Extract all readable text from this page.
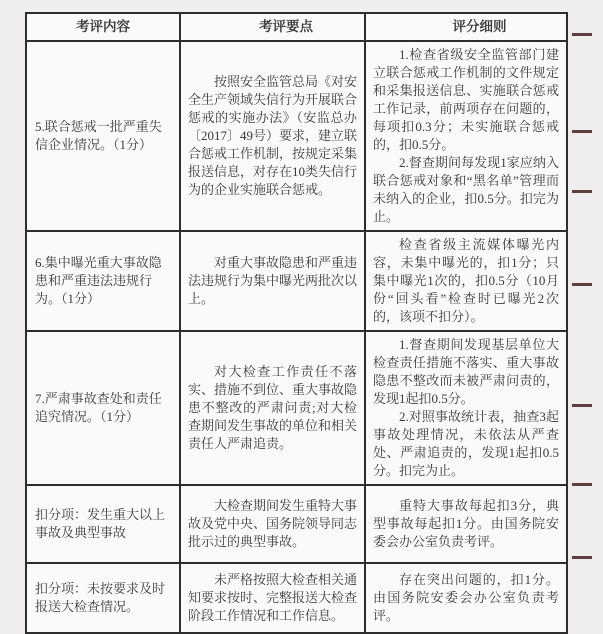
考评内容	考评要点	评分细则

5.联合惩戒一批严重失信企业情况。（1分）

按照安全监管总局《对安全生产领域失信行为开展联合惩戒的实施办法》（安监总办〔2017〕49号）要求，建立联合惩戒工作机制，按规定采集报送信息，对存在10类失信行为的企业实施联合惩戒。

1.检查省级安全监管部门建立联合惩戒工作机制的文件规定和采集报送信息、实施联合惩戒工作记录，前两项存在问题的，每项扣0.3分；未实施联合惩戒的，扣0.5分。

2.督查期间每发现1家应纳入联合惩戒对象和“黑名单”管理而未纳入的企业，扣0.5分。扣完为止。

6.集中曝光重大事故隐患和严重违法违规行为。（1分）

对重大事故隐患和严重违法违规行为集中曝光两批次以上。

检查省级主流媒体曝光内容，未集中曝光的，扣1分；只集中曝光1次的，扣0.5分（10月份“回头看”检查时已曝光2次的，该项不扣分）。

7.严肃事故查处和责任追究情况。（1分）

对大检查工作责任不落实、措施不到位、重大事故隐患不整改的严肃问责;对大检查期间发生事故的单位和相关责任人严肃追责。

1.督查期间发现基层单位大检查责任措施不落实、重大事故隐患不整改而未被严肃问责的，发现1起扣0.5分。

2.对照事故统计表，抽查3起事故处理情况，未依法从严查处、严肃追责的，发现1起扣0.5分。扣完为止。

扣分项：发生重大以上事故及典型事故

大检查期间发生重特大事故及党中央、国务院领导同志批示过的典型事故。

重特大事故每起扣3分，典型事故每起扣1分。由国务院安委会办公室负责考评。

扣分项：未按要求及时报送大检查情况。

未严格按照大检查相关通知要求按时、完整报送大检查阶段工作情况和工作信息。

存在突出问题的，扣1分。由国务院安委会办公室负责考评。
